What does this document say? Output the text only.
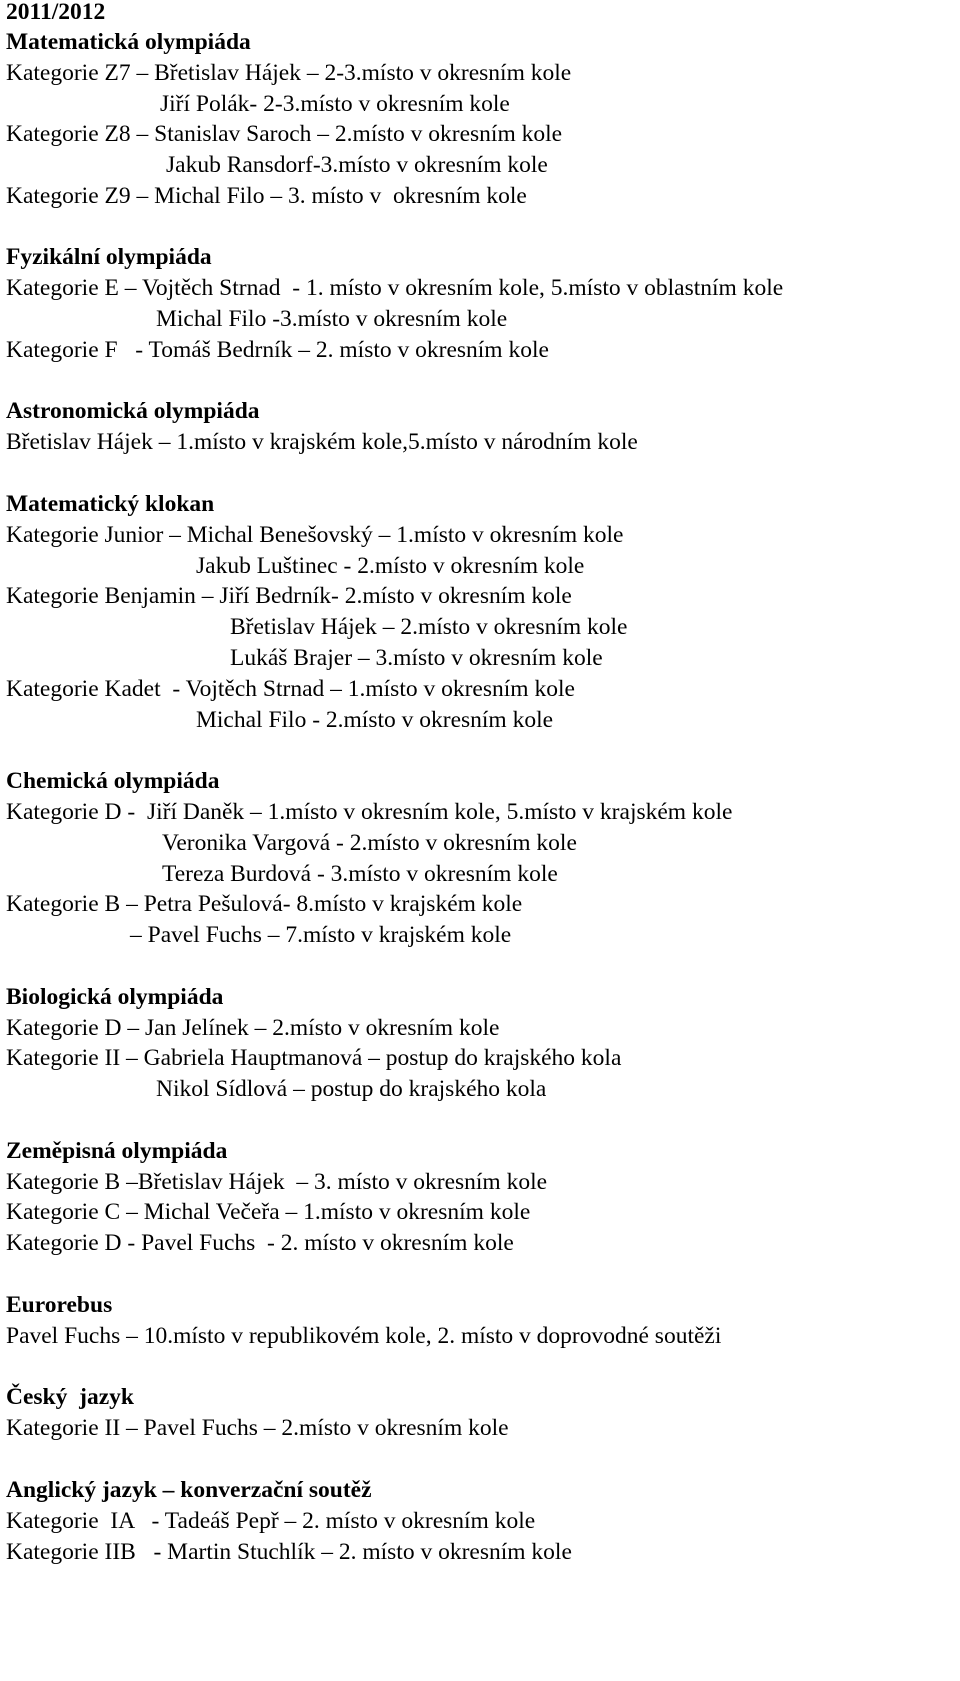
2011/2012
Matematická olympiáda
Kategorie Z7 – Břetislav Hájek – 2-3.místo v okresním kole
Jiří Polák- 2-3.místo v okresním kole
Kategorie Z8 – Stanislav Saroch – 2.místo v okresním kole
Jakub Ransdorf-3.místo v okresním kole
Kategorie Z9 – Michal Filo – 3. místo v  okresním kole
Fyzikální olympiáda
Kategorie E – Vojtěch Strnad  - 1. místo v okresním kole, 5.místo v oblastním kole
Michal Filo -3.místo v okresním kole
Kategorie F   - Tomáš Bedrník – 2. místo v okresním kole
Astronomická olympiáda
Břetislav Hájek – 1.místo v krajském kole,5.místo v národním kole
Matematický klokan
Kategorie Junior – Michal Benešovský – 1.místo v okresním kole
Jakub Luštinec - 2.místo v okresním kole
Kategorie Benjamin – Jiří Bedrník- 2.místo v okresním kole
Břetislav Hájek – 2.místo v okresním kole
Lukáš Brajer – 3.místo v okresním kole
Kategorie Kadet  - Vojtěch Strnad – 1.místo v okresním kole
Michal Filo - 2.místo v okresním kole
Chemická olympiáda
Kategorie D -  Jiří Daněk – 1.místo v okresním kole, 5.místo v krajském kole
Veronika Vargová - 2.místo v okresním kole
Tereza Burdová - 3.místo v okresním kole
Kategorie B – Petra Pešulová- 8.místo v krajském kole
– Pavel Fuchs – 7.místo v krajském kole
Biologická olympiáda
Kategorie D – Jan Jelínek – 2.místo v okresním kole
Kategorie II – Gabriela Hauptmanová – postup do krajského kola
Nikol Sídlová – postup do krajského kola
Zeměpisná olympiáda
Kategorie B –Břetislav Hájek  – 3. místo v okresním kole
Kategorie C – Michal Večeřa – 1.místo v okresním kole
Kategorie D - Pavel Fuchs  - 2. místo v okresním kole
Eurorebus
Pavel Fuchs – 10.místo v republikovém kole, 2. místo v doprovodné soutěži
Český  jazyk
Kategorie II – Pavel Fuchs – 2.místo v okresním kole
Anglický jazyk – konverzační soutěž
Kategorie  IA   - Tadeáš Pepř – 2. místo v okresním kole
Kategorie IIB   - Martin Stuchlík – 2. místo v okresním kole
